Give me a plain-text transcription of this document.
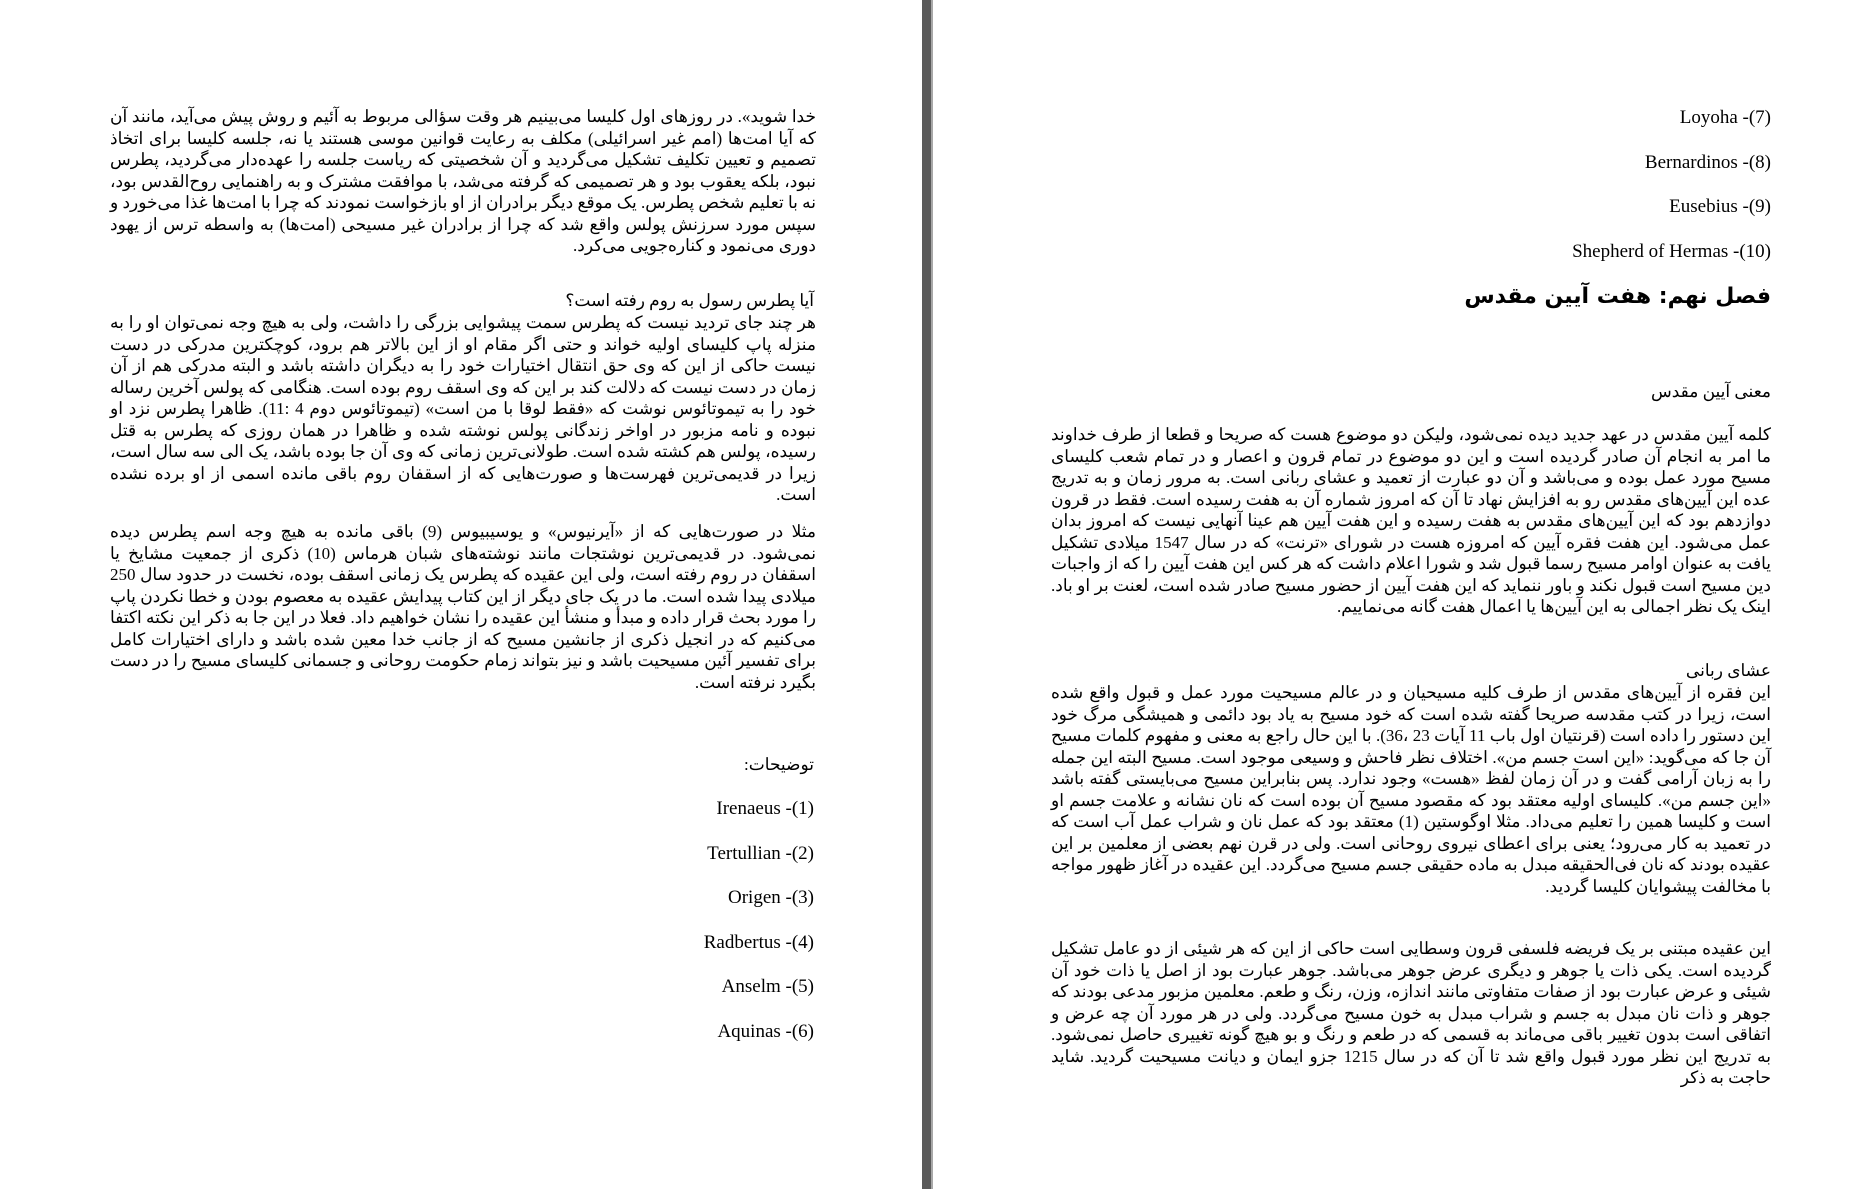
خدا شوید». در روزهای اول کلیسا می‌بینیم هر وقت سؤالی مربوط به آئیم و روش پیش می‌آید، مانند آن که آیا امت‌ها (امم غیر اسرائیلی) مکلف به رعایت قوانین موسی هستند یا نه، جلسه کلیسا برای اتخاذ تصمیم و تعیین تکلیف تشکیل می‌گردید و آن شخصیتی که ریاست جلسه را عهده‌دار می‌گردید، پطرس نبود، بلکه یعقوب بود و هر تصمیمی که گرفته می‌شد، با موافقت مشترک و به راهنمایی روح‌القدس بود، نه با تعلیم شخص پطرس. یک موقع دیگر برادران از او بازخواست نمودند که چرا با امت‌ها غذا می‌خورد و سپس مورد سرزنش پولس واقع شد که چرا از برادران غیر مسیحی (امت‌ها) به واسطه ترس از یهود دوری می‌نمود و کناره‌جویی می‌کرد.
آیا پطرس رسول به روم رفته است؟
هر چند جای تردید نیست که پطرس سمت پیشوایی بزرگی را داشت، ولی به هیچ وجه نمی‌توان او را به منزله پاپ کلیسای اولیه خواند و حتی اگر مقام او از این بالاتر هم برود، کوچکترین مدرکی در دست نیست حاکی از این که وی حق انتقال اختیارات خود را به دیگران داشته باشد و البته مدرکی هم از آن زمان در دست نیست که دلالت کند بر این که وی اسقف روم بوده است. هنگامی که پولس آخرین رساله خود را به تیموتائوس نوشت که «فقط لوقا با من است» (تیموتائوس دوم 4 :11). ظاهرا پطرس نزد او نبوده و نامه مزبور در اواخر زندگانی پولس نوشته شده و ظاهرا در همان روزی که پطرس به قتل رسیده، پولس هم کشته شده است. طولانی‌ترین زمانی که وی آن جا بوده باشد، یک الی سه سال است، زیرا در قدیمی‌ترین فهرست‌ها و صورت‌هایی که از اسقفان روم باقی مانده اسمی از او برده نشده است.
مثلا در صورت‌هایی که از «آیرنیوس» و یوسیبیوس (9) باقی مانده به هیچ وجه اسم پطرس دیده نمی‌شود. در قدیمی‌ترین نوشتجات مانند نوشته‌های شبان هرماس (10) ذکری از جمعیت مشایخ یا اسقفان در روم رفته است، ولی این عقیده که پطرس یک زمانی اسقف بوده، نخست در حدود سال 250 میلادی پیدا شده است. ما در یک جای دیگر از این کتاب پیدایش عقیده به معصوم بودن و خطا نکردن پاپ را مورد بحث قرار داده و مبدأ و منشأ این عقیده را نشان خواهیم داد. فعلا در این جا به ذکر این نکته اکتفا می‌کنیم که در انجیل ذکری از جانشین مسیح که از جانب خدا معین شده باشد و دارای اختیارات کامل برای تفسیر آئین مسیحیت باشد و نیز بتواند زمام حکومت روحانی و جسمانی کلیسای مسیح را در دست بگیرد نرفته است.
توضیحات:
Irenaeus -(1)
Tertullian -(2)
Origen -(3)
Radbertus -(4)
Anselm -(5)
Aquinas -(6)
Loyoha -(7)
Bernardinos -(8)
Eusebius -(9)
Shepherd of Hermas -(10)
فصل نهم: هفت آیین مقدس
معنی آیین مقدس
کلمه آیین مقدس در عهد جدید دیده نمی‌شود، ولیکن دو موضوع هست که صریحا و قطعا از طرف خداوند ما امر به انجام آن صادر گردیده است و این دو موضوع در تمام قرون و اعصار و در تمام شعب کلیسای مسیح مورد عمل بوده و می‌باشد و آن دو عبارت از تعمید و عشای ربانی است. به مرور زمان و به تدریج عده این آیین‌های مقدس رو به افزایش نهاد تا آن که امروز شماره آن به هفت رسیده است. فقط در قرون دوازدهم بود که این آیین‌های مقدس به هفت رسیده و این هفت آیین هم عینا آنهایی نیست که امروز بدان عمل می‌شود. این هفت فقره آیین که امروزه هست در شورای «ترنت» که در سال 1547 میلادی تشکیل یافت به عنوان اوامر مسیح رسما قبول شد و شورا اعلام داشت که هر کس این هفت آیین را که از واجبات دین مسیح است قبول نکند و باور ننماید که این هفت آیین از حضور مسیح صادر شده است، لعنت بر او باد. اینک یک نظر اجمالی به این آیین‌ها یا اعمال هفت گانه می‌نماییم.
عشای ربانی
این فقره از آیین‌های مقدس از طرف کلیه مسیحیان و در عالم مسیحیت مورد عمل و قبول واقع شده است، زیرا در کتب مقدسه صریحا گفته شده است که خود مسیح به یاد بود دائمی و همیشگی مرگ خود این دستور را داده است (قرنتیان اول باب 11 آیات 23 ،36). با این حال راجع به معنی و مفهوم کلمات مسیح آن جا که می‌گوید: «این است جسم من». اختلاف نظر فاحش و وسیعی موجود است. مسیح البته این جمله را به زبان آرامی گفت و در آن زمان لفظ «هست» وجود ندارد. پس بنابراین مسیح می‌بایستی گفته باشد «این جسم من». کلیسای اولیه معتقد بود که مقصود مسیح آن بوده است که نان نشانه و علامت جسم او است و کلیسا همین را تعلیم می‌داد. مثلا اوگوستین (1) معتقد بود که عمل نان و شراب عمل آب است که در تعمید به کار می‌رود؛ یعنی برای اعطای نیروی روحانی است. ولی در قرن نهم بعضی از معلمین بر این عقیده بودند که نان فی‌الحقیقه مبدل به ماده حقیقی جسم مسیح می‌گردد. این عقیده در آغاز ظهور مواجه با مخالفت پیشوایان کلیسا گردید.
این عقیده مبتنی بر یک فریضه فلسفی قرون وسطایی است حاکی از این که هر شیئی از دو عامل تشکیل گردیده است. یکی ذات یا جوهر و دیگری عرض جوهر می‌باشد. جوهر عبارت بود از اصل یا ذات خود آن شیئی و عرض عبارت بود از صفات متفاوتی مانند اندازه، وزن، رنگ و طعم. معلمین مزبور مدعی بودند که جوهر و ذات نان مبدل به جسم و شراب مبدل به خون مسیح می‌گردد. ولی در هر مورد آن چه عرض و اتفاقی است بدون تغییر باقی می‌ماند به قسمی که در طعم و رنگ و بو هیچ گونه تغییری حاصل نمی‌شود. به تدریج این نظر مورد قبول واقع شد تا آن که در سال 1215 جزو ایمان و دیانت مسیحیت گردید. شاید حاجت به ذکر
